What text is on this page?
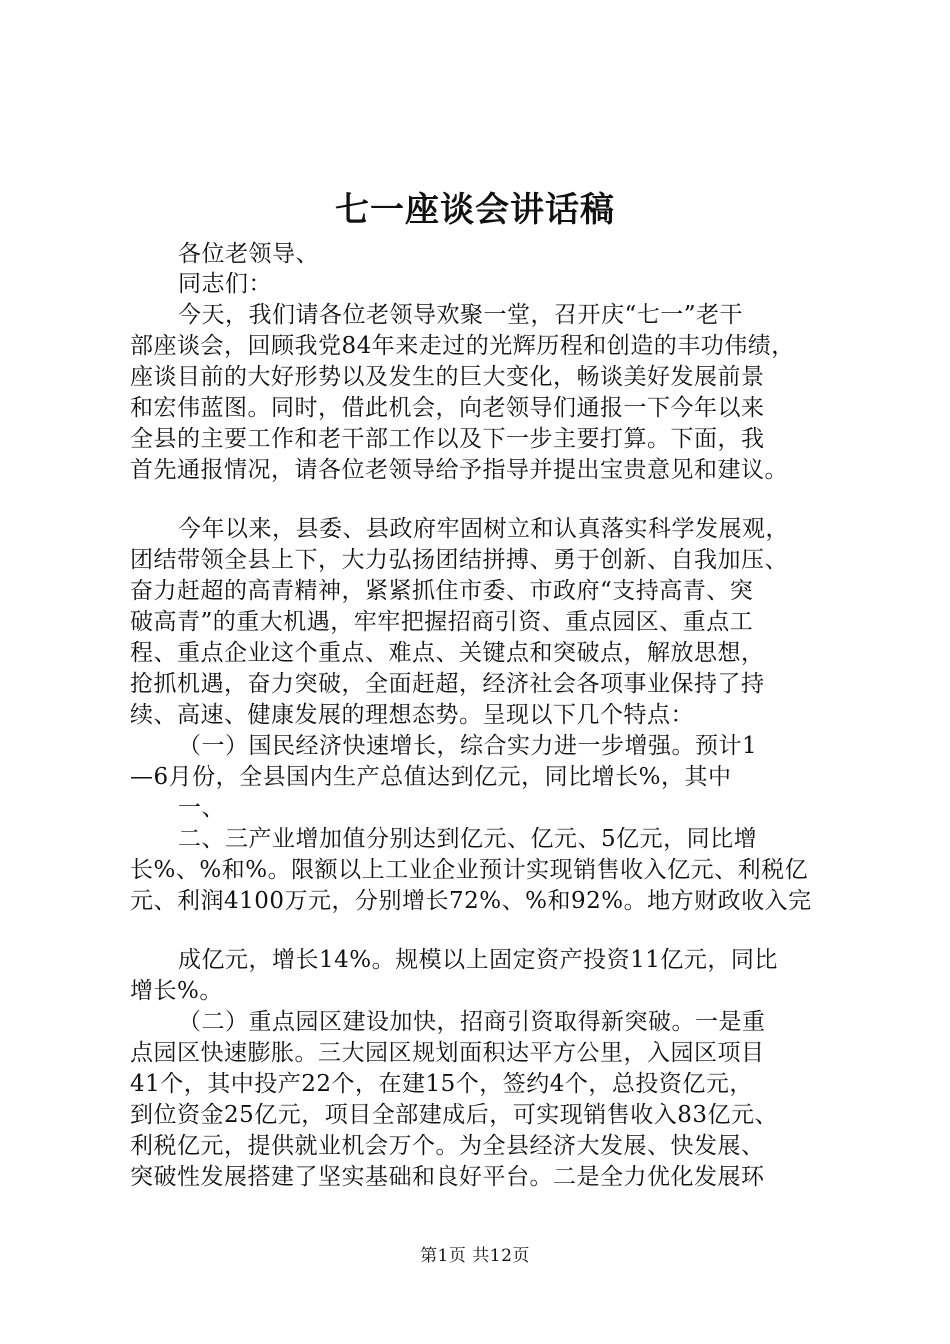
七一座谈会讲话稿
各位老领导、
同志们：
今天，我们请各位老领导欢聚一堂，召开庆“七一”老干
部座谈会，回顾我党84年来走过的光辉历程和创造的丰功伟绩，
座谈目前的大好形势以及发生的巨大变化，畅谈美好发展前景
和宏伟蓝图。同时，借此机会，向老领导们通报一下今年以来
全县的主要工作和老干部工作以及下一步主要打算。下面，我
首先通报情况，请各位老领导给予指导并提出宝贵意见和建议。
今年以来，县委、县政府牢固树立和认真落实科学发展观，
团结带领全县上下，大力弘扬团结拼搏、勇于创新、自我加压、
奋力赶超的高青精神，紧紧抓住市委、市政府“支持高青、突
破高青”的重大机遇，牢牢把握招商引资、重点园区、重点工
程、重点企业这个重点、难点、关键点和突破点，解放思想，
抢抓机遇，奋力突破，全面赶超，经济社会各项事业保持了持
续、高速、健康发展的理想态势。呈现以下几个特点：
（一）国民经济快速增长，综合实力进一步增强。预计1
—6月份，全县国内生产总值达到亿元，同比增长%，其中
一、
二、三产业增加值分别达到亿元、亿元、5亿元，同比增
长%、%和%。限额以上工业企业预计实现销售收入亿元、利税亿
元、利润4100万元，分别增长72%、%和92%。地方财政收入完
成亿元，增长14%。规模以上固定资产投资11亿元，同比
增长%。
（二）重点园区建设加快，招商引资取得新突破。一是重
点园区快速膨胀。三大园区规划面积达平方公里，入园区项目
41个，其中投产22个，在建15个，签约4个，总投资亿元，
到位资金25亿元，项目全部建成后，可实现销售收入83亿元、
利税亿元，提供就业机会万个。为全县经济大发展、快发展、
突破性发展搭建了坚实基础和良好平台。二是全力优化发展环
第1页 共12页
